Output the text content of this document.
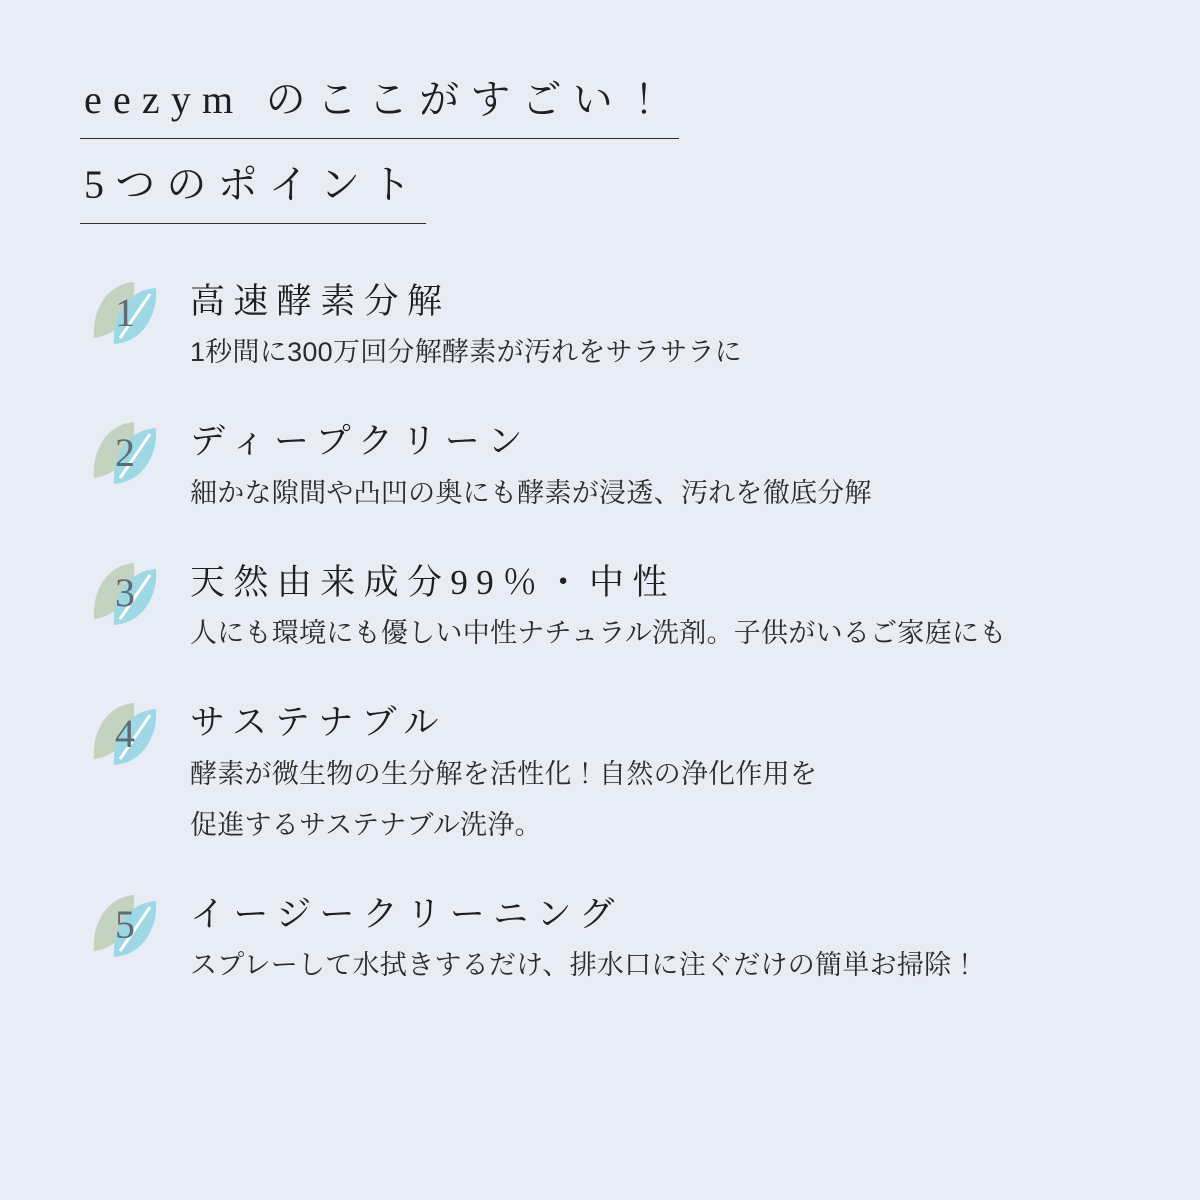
eezym のここがすごい！
5つのポイント
1	高速酵素分解
1秒間に300万回分解酵素が汚れをサラサラに
2	ディープクリーン
細かな隙間や凸凹の奥にも酵素が浸透、汚れを徹底分解
3	天然由来成分99％・中性
人にも環境にも優しい中性ナチュラル洗剤。子供がいるご家庭にも
4	サステナブル
酵素が微生物の生分解を活性化！自然の浄化作用を
促進するサステナブル洗浄。
5	イージークリーニング
スプレーして水拭きするだけ、排水口に注ぐだけの簡単お掃除！
